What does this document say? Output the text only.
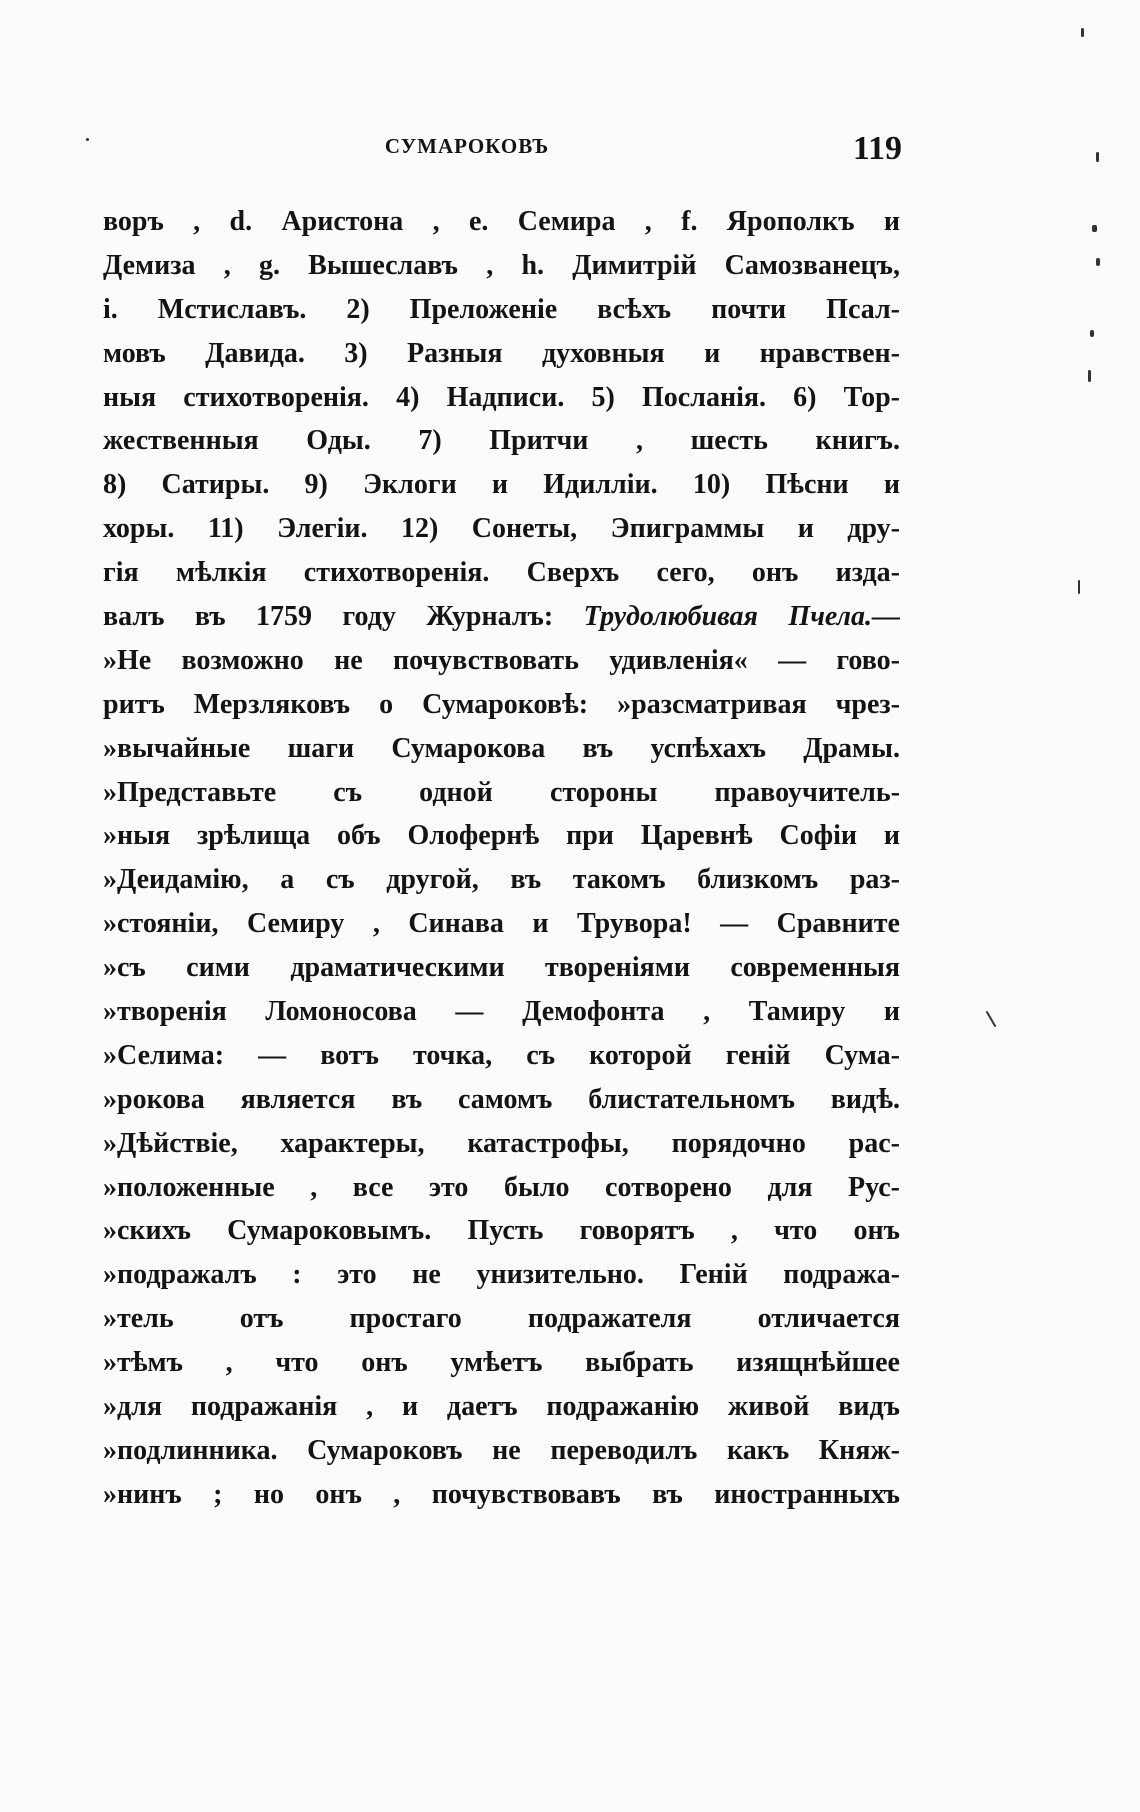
СУМАРОКОВЪ	119
воръ , d. Аристона , е. Семира , f. Ярополкъ и
Демиза , g. Вышеславъ , h. Димитрій Самозванецъ,
i. Мстиславъ. 2) Преложеніе всѣхъ почти Псал-
мовъ Давида. 3) Разныя духовныя и нравствен-
ныя стихотворенія. 4) Надписи. 5) Посланія. 6) Тор-
жественныя Оды. 7) Притчи , шесть книгъ.
8) Сатиры. 9) Эклоги и Идилліи. 10) Пѣсни и
хоры. 11) Элегіи. 12) Сонеты, Эпиграммы и дру-
гія мѣлкія стихотворенія. Сверхъ сего, онъ изда-
валъ въ 1759 году Журналъ: Трудолюбивая Пчела.—
»Не возможно не почувствовать удивленія« — гово-
ритъ Мерзляковъ о Сумароковѣ: »разсматривая чрез-
»вычайные шаги Сумарокова въ успѣхахъ Драмы.
»Представьте съ одной стороны правоучитель-
»ныя зрѣлища объ Олофернѣ при Царевнѣ Софіи и
»Деидамію, а съ другой, въ такомъ близкомъ раз-
»стояніи, Семиру , Синава и Трувора! — Сравните
»съ сими драматическими твореніями современныя
»творенія Ломоносова — Демофонта , Тамиру и
»Селима: — вотъ точка, съ которой геній Сума-
»рокова является въ самомъ блистательномъ видѣ.
»Дѣйствіе, характеры, катастрофы, порядочно рас-
»положенные , все это было сотворено для Рус-
»скихъ Сумароковымъ. Пусть говорятъ , что онъ
»подражалъ : это не унизительно. Геній подража-
»тель отъ простаго подражателя отличается
»тѣмъ , что онъ умѣетъ выбрать изящнѣйшее
»для подражанія , и даетъ подражанію живой видъ
»подлинника. Сумароковъ не переводилъ какъ Княж-
»нинъ ; но онъ , почувствовавъ въ иностранныхъ
